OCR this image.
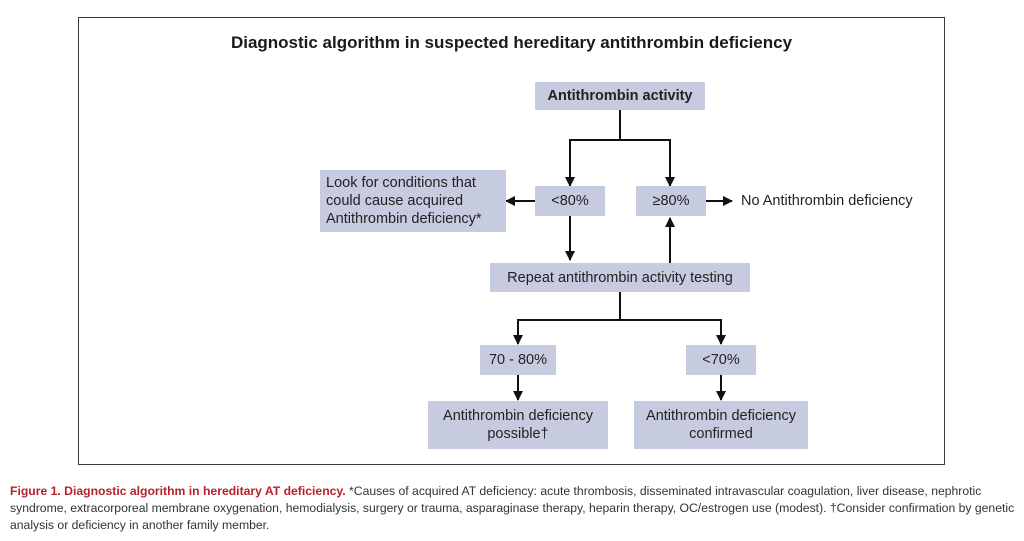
Diagnostic algorithm in suspected hereditary antithrombin deficiency
Antithrombin activity
<80%	≥80%
Look for conditions that
could cause acquired
Antithrombin deficiency*
No Antithrombin deficiency
Repeat antithrombin activity testing
70 - 80%	<70%
Antithrombin deficiency
possible†
Antithrombin deficiency
confirmed
Figure 1. Diagnostic algorithm in hereditary AT deficiency. *Causes of acquired AT deficiency: acute thrombosis, disseminated intravascular coagulation, liver disease, nephrotic syndrome, extracorporeal membrane oxygenation, hemodialysis, surgery or trauma, asparaginase therapy, heparin therapy, OC/estrogen use (modest). †Consider confirmation by genetic analysis or deficiency in another family member.
